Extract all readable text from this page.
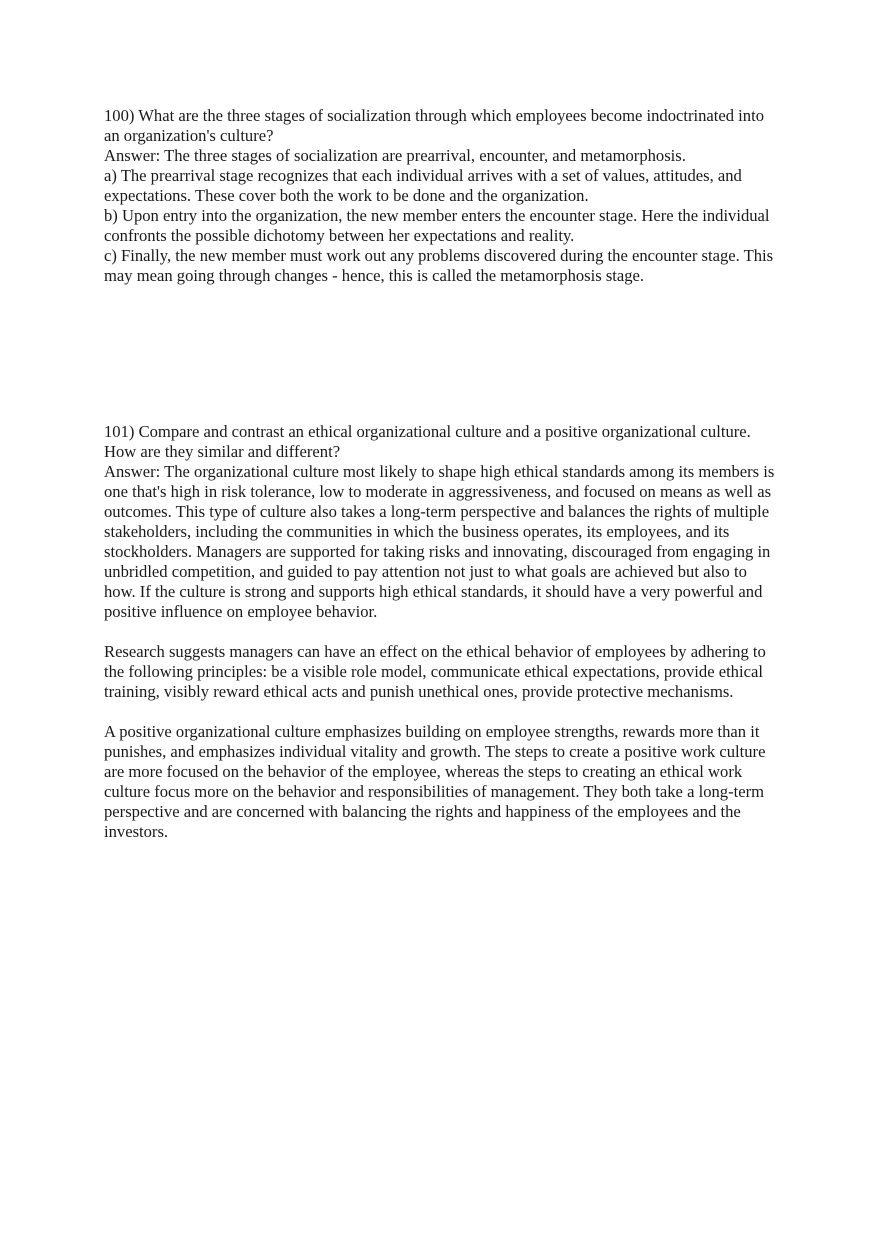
100) What are the three stages of socialization through which employees become indoctrinated into an organization's culture?

Answer: The three stages of socialization are prearrival, encounter, and metamorphosis.

a) The prearrival stage recognizes that each individual arrives with a set of values, attitudes, and expectations. These cover both the work to be done and the organization.

b) Upon entry into the organization, the new member enters the encounter stage. Here the individual confronts the possible dichotomy between her expectations and reality.

c) Finally, the new member must work out any problems discovered during the encounter stage. This may mean going through changes - hence, this is called the metamorphosis stage.

101) Compare and contrast an ethical organizational culture and a positive organizational culture. How are they similar and different?

Answer: The organizational culture most likely to shape high ethical standards among its members is one that's high in risk tolerance, low to moderate in aggressiveness, and focused on means as well as outcomes. This type of culture also takes a long-term perspective and balances the rights of multiple stakeholders, including the communities in which the business operates, its employees, and its stockholders. Managers are supported for taking risks and innovating, discouraged from engaging in unbridled competition, and guided to pay attention not just to what goals are achieved but also to how. If the culture is strong and supports high ethical standards, it should have a very powerful and positive influence on employee behavior.

Research suggests managers can have an effect on the ethical behavior of employees by adhering to the following principles: be a visible role model, communicate ethical expectations, provide ethical training, visibly reward ethical acts and punish unethical ones, provide protective mechanisms.

A positive organizational culture emphasizes building on employee strengths, rewards more than it punishes, and emphasizes individual vitality and growth. The steps to create a positive work culture are more focused on the behavior of the employee, whereas the steps to creating an ethical work culture focus more on the behavior and responsibilities of management. They both take a long-term perspective and are concerned with balancing the rights and happiness of the employees and the investors.
